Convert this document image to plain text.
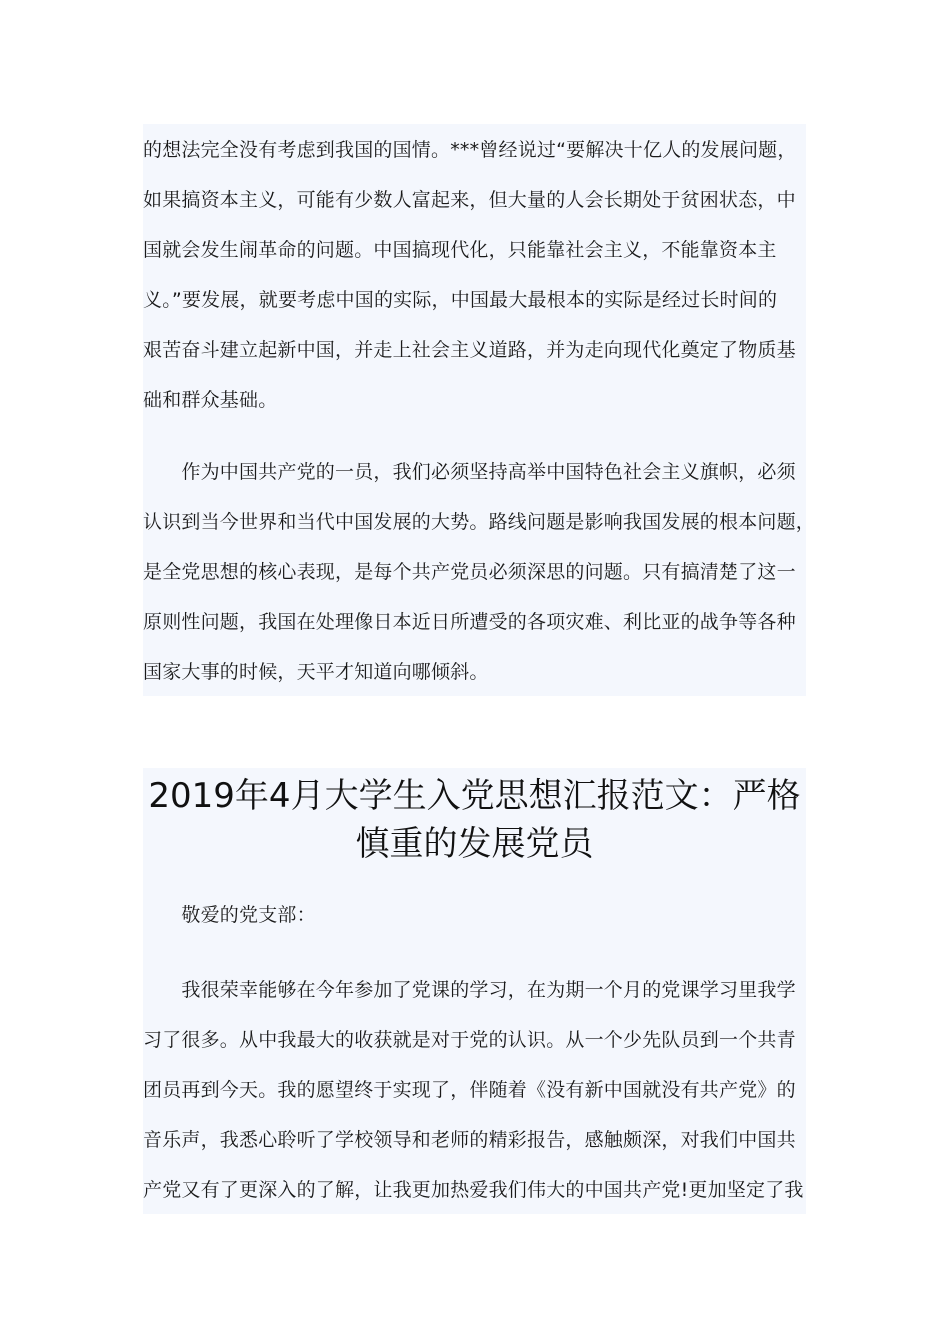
的想法完全没有考虑到我国的国情。***曾经说过“要解决十亿人的发展问题，
如果搞资本主义，可能有少数人富起来，但大量的人会长期处于贫困状态，中
国就会发生闹革命的问题。中国搞现代化，只能靠社会主义，不能靠资本主
义。”要发展，就要考虑中国的实际，中国最大最根本的实际是经过长时间的
艰苦奋斗建立起新中国，并走上社会主义道路，并为走向现代化奠定了物质基
础和群众基础。
　　作为中国共产党的一员，我们必须坚持高举中国特色社会主义旗帜，必须
认识到当今世界和当代中国发展的大势。路线问题是影响我国发展的根本问题，
是全党思想的核心表现，是每个共产党员必须深思的问题。只有搞清楚了这一
原则性问题，我国在处理像日本近日所遭受的各项灾难、利比亚的战争等各种
国家大事的时候，天平才知道向哪倾斜。
2019年4月大学生入党思想汇报范文：严格
慎重的发展党员
　　敬爱的党支部：
　　我很荣幸能够在今年参加了党课的学习，在为期一个月的党课学习里我学
习了很多。从中我最大的收获就是对于党的认识。从一个少先队员到一个共青
团员再到今天。我的愿望终于实现了，伴随着《没有新中国就没有共产党》的
音乐声，我悉心聆听了学校领导和老师的精彩报告，感触颇深，对我们中国共
产党又有了更深入的了解，让我更加热爱我们伟大的中国共产党!更加坚定了我
